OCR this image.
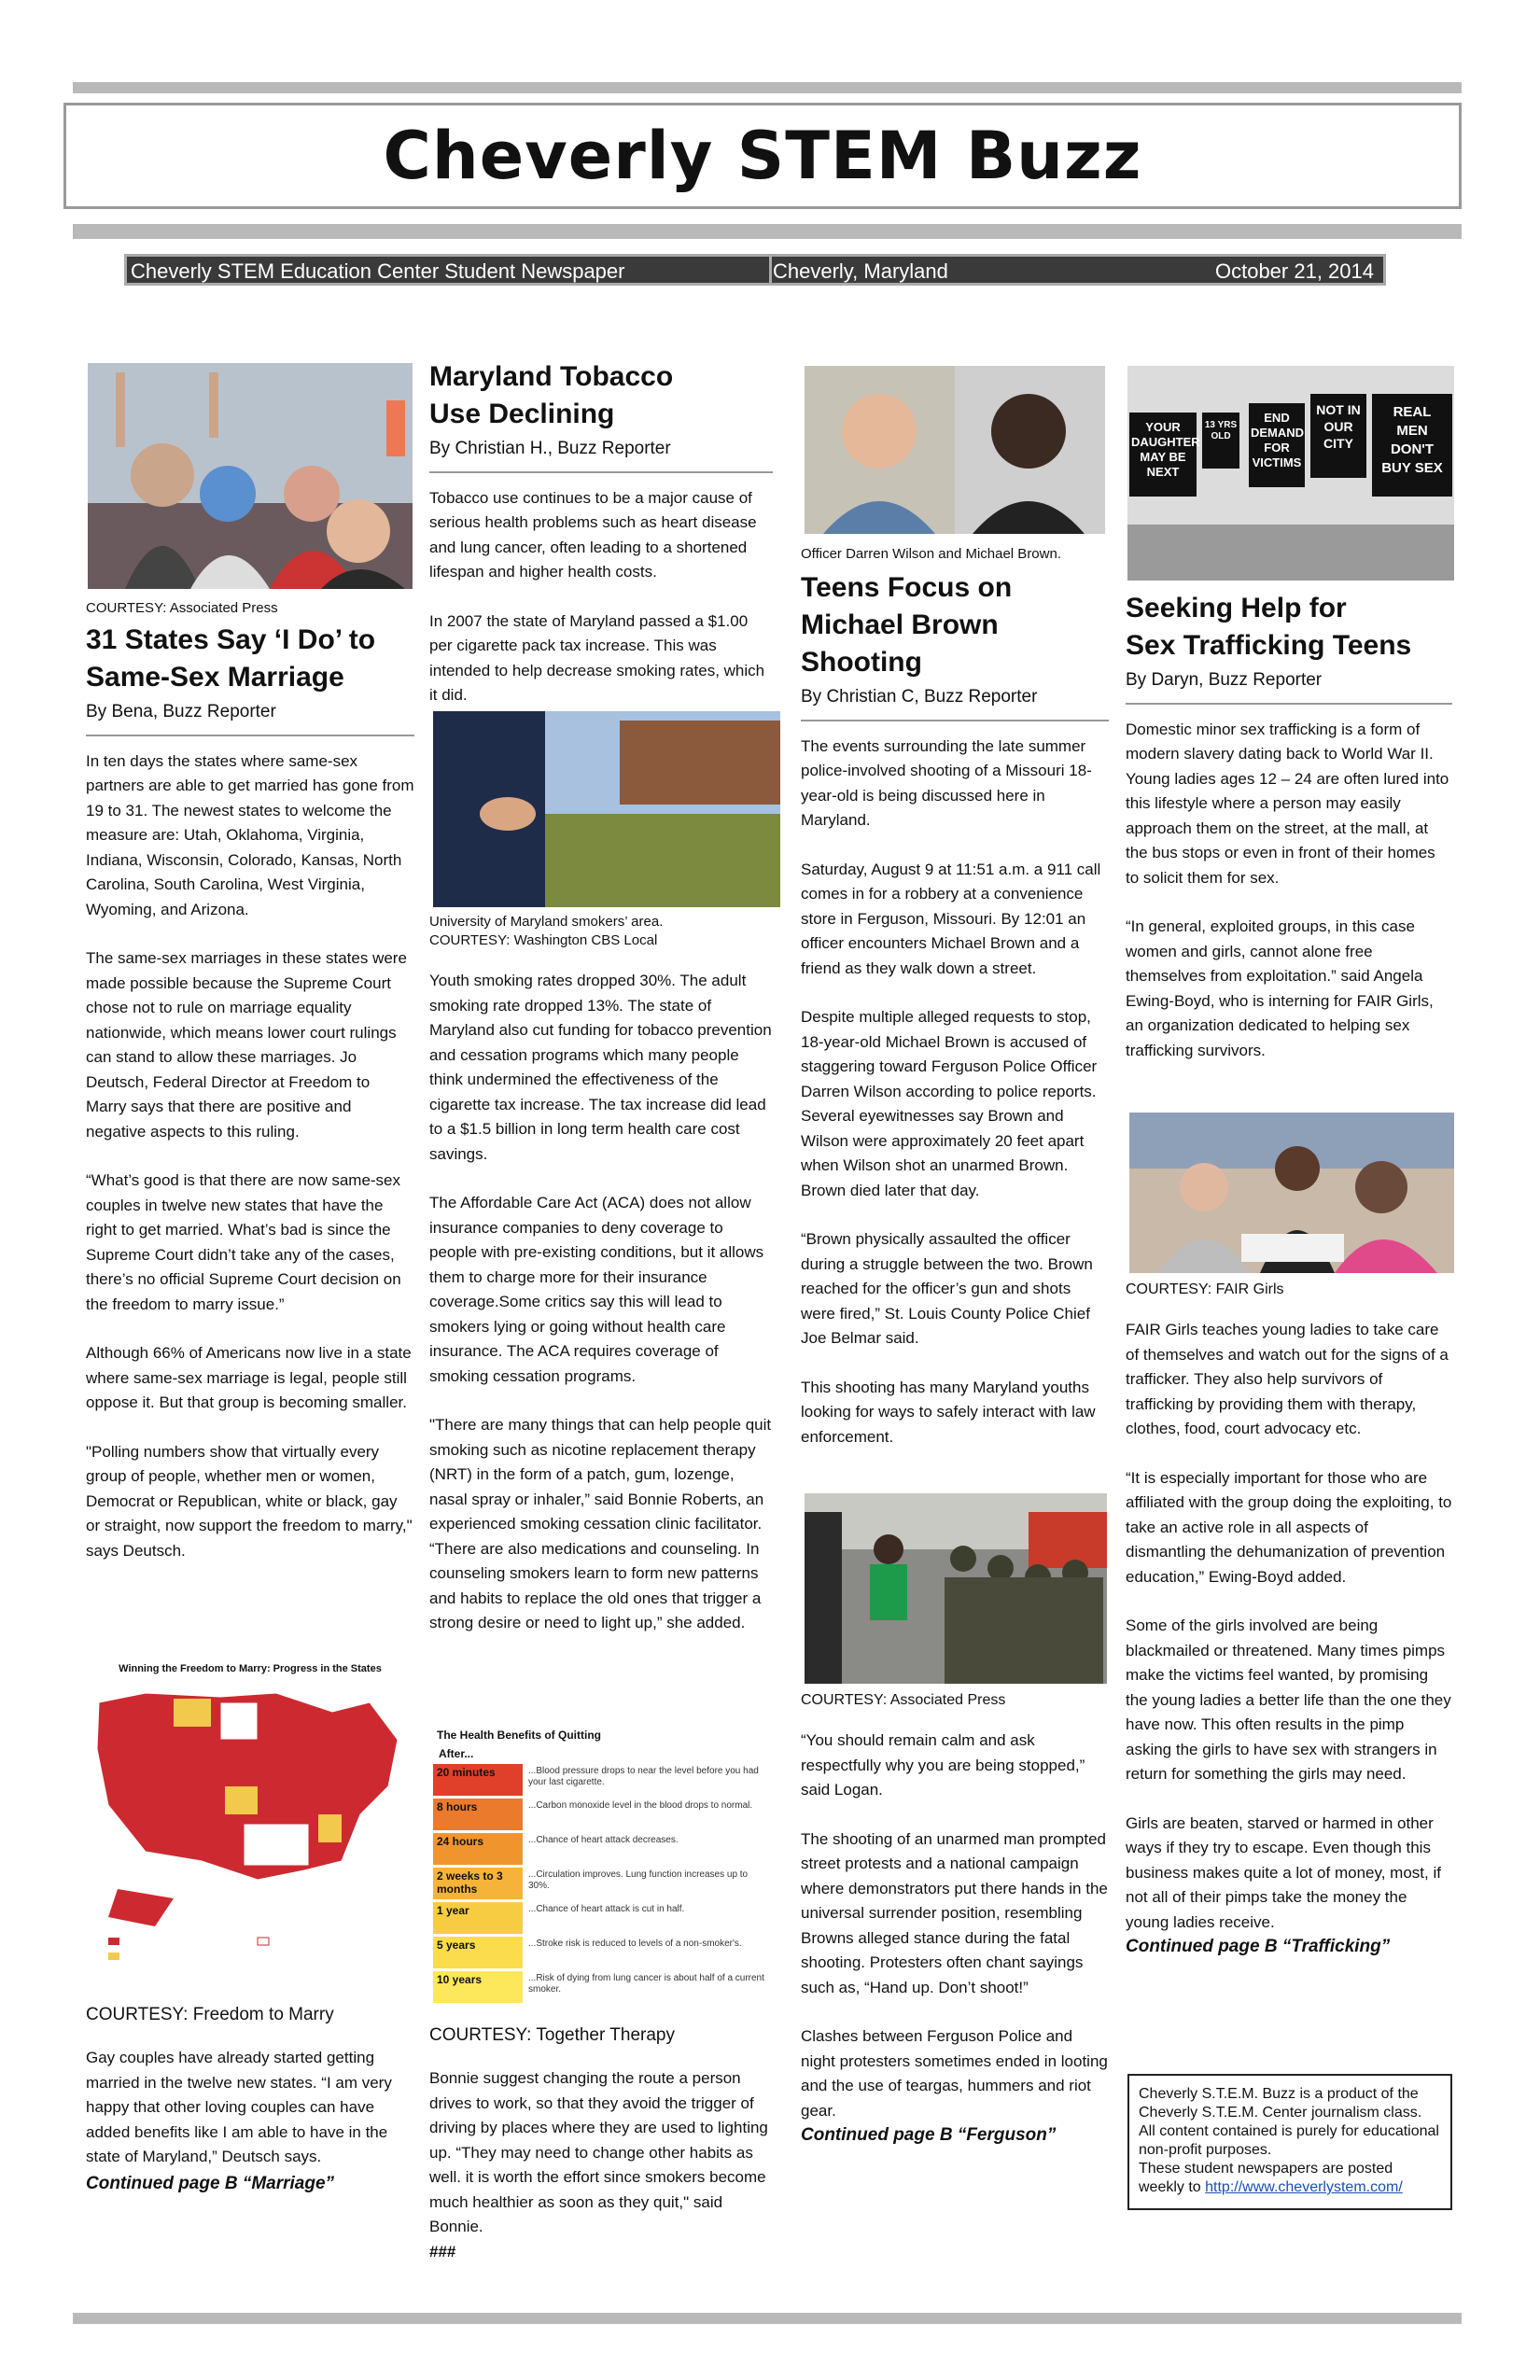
Cheverly STEM Buzz
Cheverly STEM Education Center Student Newspaper	Cheverly, Maryland	October 21, 2014
COURTESY: Associated Press
31 States Say ‘I Do’ to
Same-Sex Marriage
By Bena, Buzz Reporter

In ten days the states where same-sex partners are able to get married has gone from 19 to 31. The newest states to welcome the measure are: Utah, Oklahoma, Virginia, Indiana, Wisconsin, Colorado, Kansas, North Carolina, South Carolina, West Virginia, Wyoming, and Arizona.

The same-sex marriages in these states were made possible because the Supreme Court chose not to rule on marriage equality nationwide, which means lower court rulings can stand to allow these marriages. Jo Deutsch, Federal Director at Freedom to Marry says that there are positive and negative aspects to this ruling.

“What’s good is that there are now same-sex couples in twelve new states that have the right to get married. What’s bad is since the Supreme Court didn’t take any of the cases, there’s no official Supreme Court decision on the freedom to marry issue.”

Although 66% of Americans now live in a state where same-sex marriage is legal, people still oppose it. But that group is becoming smaller.

"Polling numbers show that virtually every group of people, whether men or women, Democrat or Republican, white or black, gay or straight, now support the freedom to marry," says Deutsch.

Winning the Freedom to Marry: Progress in the States
COURTESY: Freedom to Marry

Gay couples have already started getting married in the twelve new states. “I am very happy that other loving couples can have added benefits like I am able to have in the state of Maryland,” Deutsch says.

Continued page B “Marriage”
Maryland Tobacco
Use Declining
By Christian H., Buzz Reporter

Tobacco use continues to be a major cause of serious health problems such as heart disease and lung cancer, often leading to a shortened lifespan and higher health costs.

In 2007 the state of Maryland passed a $1.00 per cigarette pack tax increase. This was intended to help decrease smoking rates, which it did.

University of Maryland smokers’ area.
COURTESY: Washington CBS Local

Youth smoking rates dropped 30%. The adult smoking rate dropped 13%. The state of Maryland also cut funding for tobacco prevention and cessation programs which many people think undermined the effectiveness of the cigarette tax increase. The tax increase did lead to a $1.5 billion in long term health care cost savings.

The Affordable Care Act (ACA) does not allow insurance companies to deny coverage to people with pre-existing conditions, but it allows them to charge more for their insurance coverage.Some critics say this will lead to smokers lying or going without health care insurance. The ACA requires coverage of smoking cessation programs.

"There are many things that can help people quit smoking such as nicotine replacement therapy (NRT) in the form of a patch, gum, lozenge, nasal spray or inhaler,” said Bonnie Roberts, an experienced smoking cessation clinic facilitator. “There are also medications and counseling. In counseling smokers learn to form new patterns and habits to replace the old ones that trigger a strong desire or need to light up,” she added.

The Health Benefits of Quitting
After...
20 minutes	...Blood pressure drops to near the level before you had your last cigarette.
8 hours	...Carbon monoxide level in the blood drops to normal.
24 hours	...Chance of heart attack decreases.
2 weeks to 3 months
...Circulation improves. Lung function increases up to 30%.
1 year	...Chance of heart attack is cut in half.
5 years	...Stroke risk is reduced to levels of a non-smoker's.
10 years	...Risk of dying from lung cancer is about half of a current smoker.
COURTESY: Together Therapy

Bonnie suggest changing the route a person drives to work, so that they avoid the trigger of driving by places where they are used to lighting up. “They may need to change other habits as well. it is worth the effort since smokers become much healthier as soon as they quit," said Bonnie.

###
Officer Darren Wilson and Michael Brown.
Teens Focus on
Michael Brown
Shooting
By Christian C, Buzz Reporter

The events surrounding the late summer police-involved shooting of a Missouri 18-year-old is being discussed here in Maryland.

Saturday, August 9 at 11:51 a.m. a 911 call comes in for a robbery at a convenience store in Ferguson, Missouri. By 12:01 an officer encounters Michael Brown and a friend as they walk down a street.

Despite multiple alleged requests to stop, 18-year-old Michael Brown is accused of staggering toward Ferguson Police Officer Darren Wilson according to police reports. Several eyewitnesses say Brown and Wilson were approximately 20 feet apart when Wilson shot an unarmed Brown. Brown died later that day.

“Brown physically assaulted the officer during a struggle between the two. Brown reached for the officer’s gun and shots were fired,” St. Louis County Police Chief Joe Belmar said.

This shooting has many Maryland youths looking for ways to safely interact with law enforcement.

COURTESY: Associated Press

“You should remain calm and ask respectfully why you are being stopped,” said Logan.

The shooting of an unarmed man prompted street protests and a national campaign where demonstrators put there hands in the universal surrender position, resembling Browns alleged stance during the fatal shooting. Protesters often chant sayings such as, “Hand up. Don’t shoot!”

Clashes between Ferguson Police and night protesters sometimes ended in looting and the use of teargas, hummers and riot gear.

Continued page B “Ferguson”
YOUR DAUGHTER MAY BE NEXT
13 YRS OLD
END DEMAND FOR VICTIMS
NOT IN OUR CITY
REAL MEN DON'T BUY SEX
Seeking Help for
Sex Trafficking Teens
By Daryn, Buzz Reporter

Domestic minor sex trafficking is a form of modern slavery dating back to World War II. Young ladies ages 12 – 24 are often lured into this lifestyle where a person may easily approach them on the street, at the mall, at the bus stops or even in front of their homes to solicit them for sex.

“In general, exploited groups, in this case women and girls, cannot alone free themselves from exploitation.” said Angela Ewing-Boyd, who is interning for FAIR Girls, an organization dedicated to helping sex trafficking survivors.

COURTESY: FAIR Girls

FAIR Girls teaches young ladies to take care of themselves and watch out for the signs of a trafficker. They also help survivors of trafficking by providing them with therapy, clothes, food, court advocacy etc.

“It is especially important for those who are affiliated with the group doing the exploiting, to take an active role in all aspects of dismantling the dehumanization of prevention education,” Ewing-Boyd added.

Some of the girls involved are being blackmailed or threatened. Many times pimps make the victims feel wanted, by promising the young ladies a better life than the one they have now. This often results in the pimp asking the girls to have sex with strangers in return for something the girls may need.

Girls are beaten, starved or harmed in other ways if they try to escape. Even though this business makes quite a lot of money, most, if not all of their pimps take the money the young ladies receive.

Continued page B “Trafficking”
Cheverly S.T.E.M. Buzz is a product of the Cheverly S.T.E.M. Center journalism class. All content contained is purely for educational non-profit purposes.
These student newspapers are posted weekly to http://www.cheverlystem.com/
